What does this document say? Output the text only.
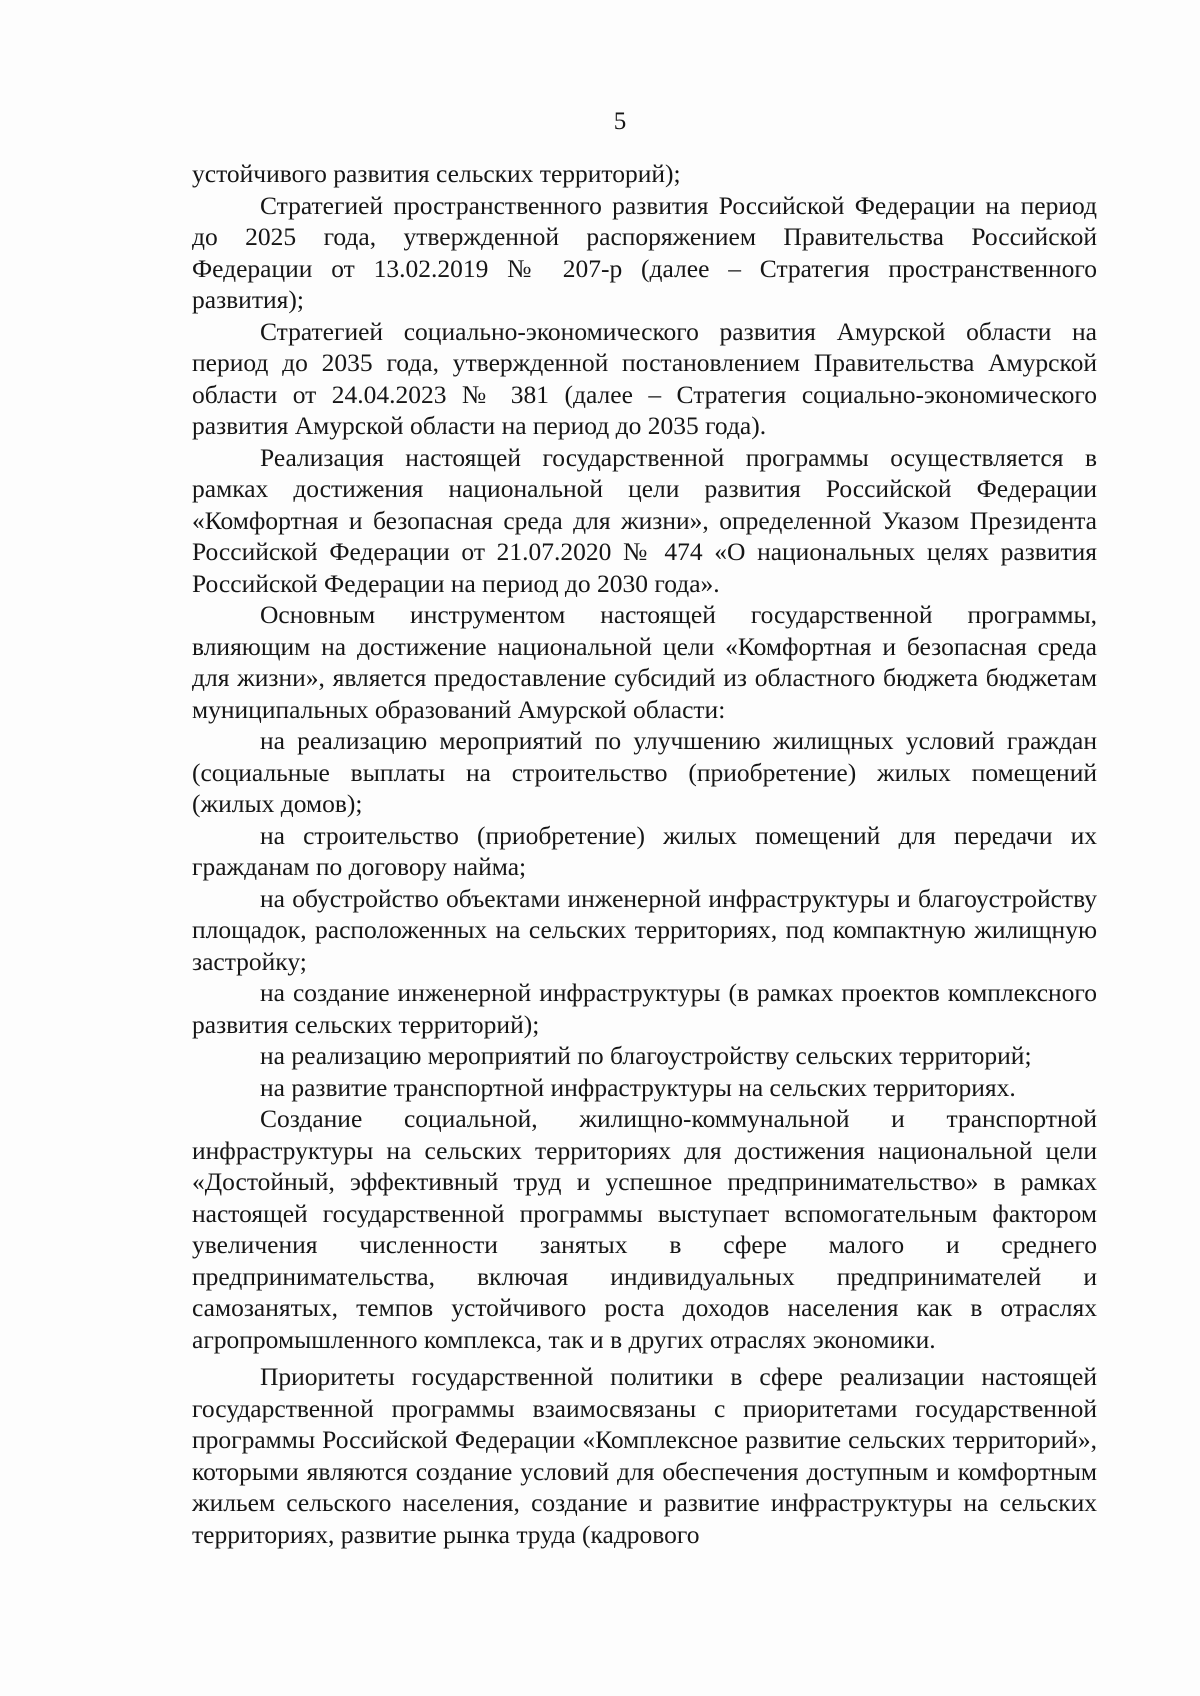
5

устойчивого развития сельских территорий);

Стратегией пространственного развития Российской Федерации на период до 2025 года, утвержденной распоряжением Правительства Российской Федерации от 13.02.2019 № 207-р (далее – Стратегия пространственного развития);

Стратегией социально-экономического развития Амурской области на период до 2035 года, утвержденной постановлением Правительства Амурской области от 24.04.2023 № 381 (далее – Стратегия социально-экономического развития Амурской области на период до 2035 года).

Реализация настоящей государственной программы осуществляется в рамках достижения национальной цели развития Российской Федерации «Комфортная и безопасная среда для жизни», определенной Указом Президента Российской Федерации от 21.07.2020 № 474 «О национальных целях развития Российской Федерации на период до 2030 года».

Основным инструментом настоящей государственной программы, влияющим на достижение национальной цели «Комфортная и безопасная среда для жизни», является предоставление субсидий из областного бюджета бюджетам муниципальных образований Амурской области:

на реализацию мероприятий по улучшению жилищных условий граждан (социальные выплаты на строительство (приобретение) жилых помещений (жилых домов);

на строительство (приобретение) жилых помещений для передачи их гражданам по договору найма;

на обустройство объектами инженерной инфраструктуры и благоустройству площадок, расположенных на сельских территориях, под компактную жилищную застройку;

на создание инженерной инфраструктуры (в рамках проектов комплексного развития сельских территорий);

на реализацию мероприятий по благоустройству сельских территорий;

на развитие транспортной инфраструктуры на сельских территориях.

Создание социальной, жилищно-коммунальной и транспортной инфраструктуры на сельских территориях для достижения национальной цели «Достойный, эффективный труд и успешное предпринимательство» в рамках настоящей государственной программы выступает вспомогательным фактором увеличения численности занятых в сфере малого и среднего предпринимательства, включая индивидуальных предпринимателей и самозанятых, темпов устойчивого роста доходов населения как в отраслях агропромышленного комплекса, так и в других отраслях экономики.

Приоритеты государственной политики в сфере реализации настоящей государственной программы взаимосвязаны с приоритетами государственной программы Российской Федерации «Комплексное развитие сельских территорий», которыми являются создание условий для обеспечения доступным и комфортным жильем сельского населения, создание и развитие инфраструктуры на сельских территориях, развитие рынка труда (кадрового
